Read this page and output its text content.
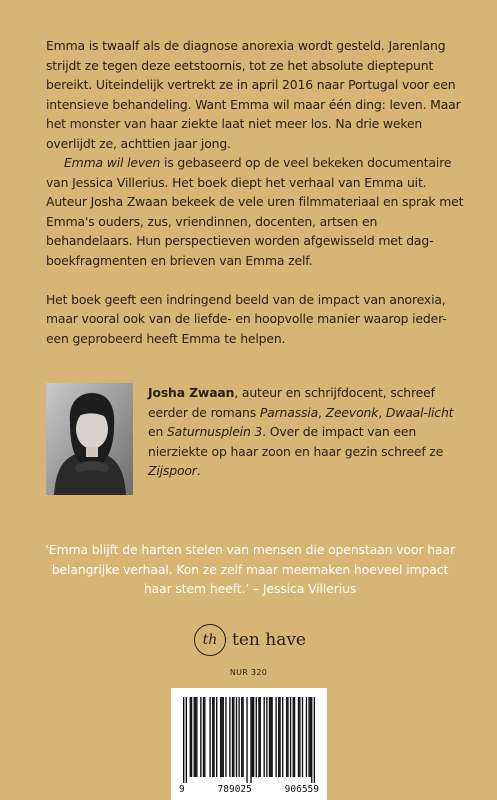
Emma is twaalf als de diagnose anorexia wordt gesteld. Jarenlang strijdt ze tegen deze eetstoornis, tot ze het absolute dieptepunt bereikt. Uiteindelijk vertrekt ze in april 2016 naar Portugal voor een intensieve behandeling. Want Emma wil maar één ding: leven. Maar het monster van haar ziekte laat niet meer los. Na drie weken overlijdt ze, achttien jaar jong.

Emma wil leven is gebaseerd op de veel bekeken documentaire van Jessica Villerius. Het boek diept het verhaal van Emma uit. Auteur Josha Zwaan bekeek de vele uren filmmateriaal en sprak met Emma's ouders, zus, vriendinnen, docenten, artsen en behandelaars. Hun perspectieven worden afgewisseld met dag-boekfragmenten en brieven van Emma zelf.

Het boek geeft een indringend beeld van de impact van anorexia, maar vooral ook van de liefde- en hoopvolle manier waarop ieder-een geprobeerd heeft Emma te helpen.

Josha Zwaan, auteur en schrijfdocent, schreef eerder de romans Parnassia, Zeevonk, Dwaal-licht en Saturnusplein 3. Over de impact van een nierziekte op haar zoon en haar gezin schreef ze Zijspoor.
‘Emma blijft de harten stelen van mensen die openstaan voor haar belangrijke verhaal. Kon ze zelf maar meemaken hoeveel impact haar stem heeft.’ – Jessica Villerius
th ten have
NUR 320
9	789025	906559
